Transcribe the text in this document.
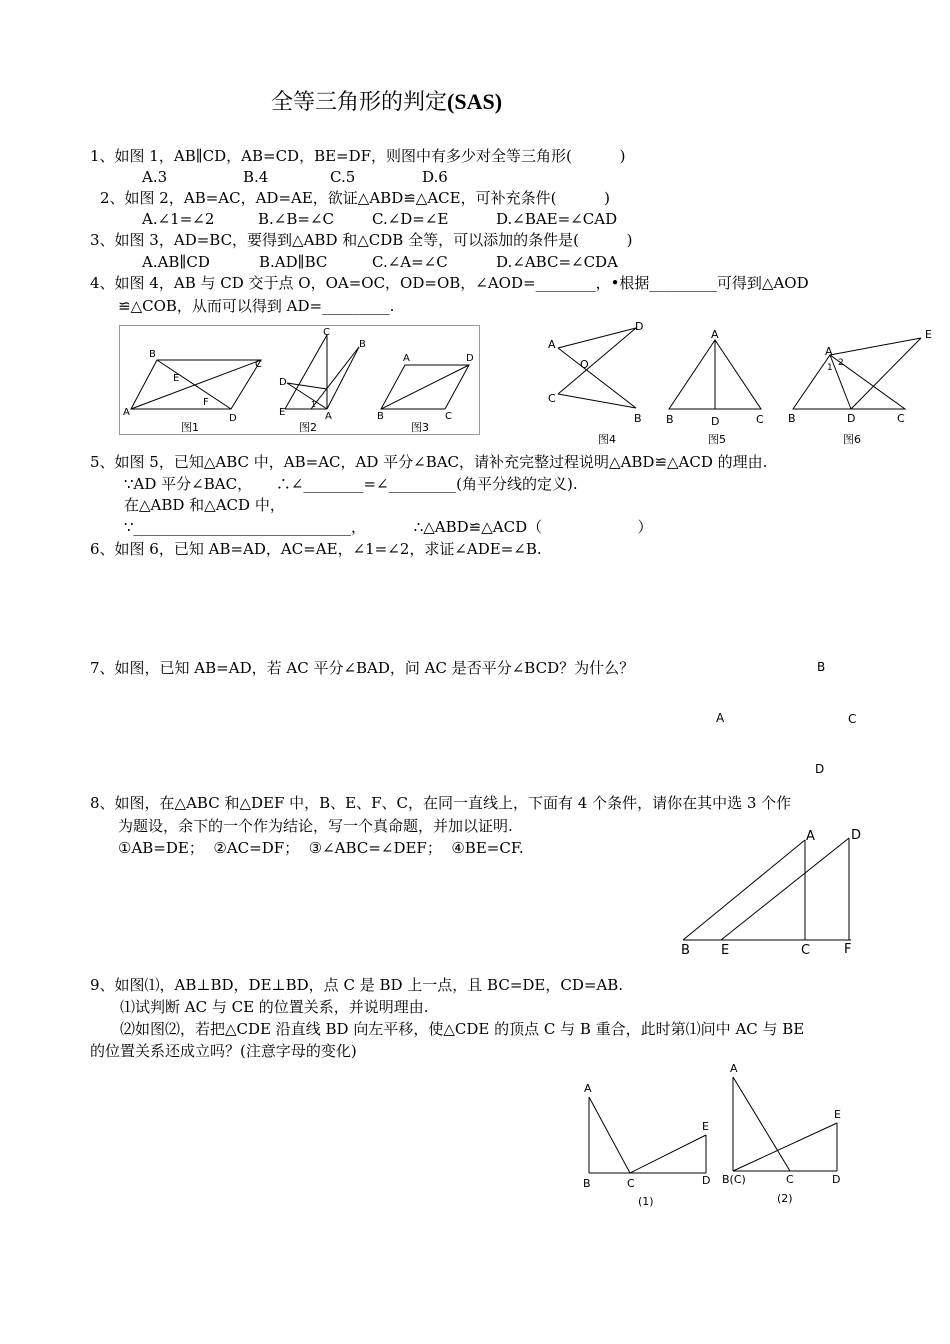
全等三角形的判定(SAS)
1、如图 1，AB∥CD，AB=CD，BE=DF，则图中有多少对全等三角形(          )
A.3	B.4	C.5	D.6
2、如图 2，AB=AC，AD=AE，欲证△ABD≌△ACE，可补充条件(          )
A.∠1=∠2	B.∠B=∠C	C.∠D=∠E	D.∠BAE=∠CAD
3、如图 3，AD=BC，要得到△ABD 和△CDB 全等，可以添加的条件是(          )
A.AB∥CD	B.AD∥BC	C.∠A=∠C	D.∠ABC=∠CDA
4、如图 4，AB 与 CD 交于点 O，OA=OC，OD=OB，∠AOD=________，•根据_________可得到△AOD
≌△COB，从而可以得到 AD=_________.
A
B
C
D
E
F
图1
C
B
D
E	A
1
图2
A	D
B	C
图3
A
D
O
C
B
图4
A
B	D	C
图5
A
E
2
1
B	D	C
图6
5、如图 5，已知△ABC 中，AB=AC，AD 平分∠BAC，请补充完整过程说明△ABD≌△ACD 的理由.
∵AD 平分∠BAC，     ∴∠________=∠_________(角平分线的定义).
在△ABD 和△ACD 中，
∵_____________________________，          ∴△ABD≌△ACD（                    ）
6、如图 6，已知 AB=AD，AC=AE，∠1=∠2，求证∠ADE=∠B.
7、如图，已知 AB=AD，若 AC 平分∠BAD，问 AC 是否平分∠BCD？为什么？	B
A	C
D
8、如图，在△ABC 和△DEF 中，B、E、F、C，在同一直线上，下面有 4 个条件，请你在其中选 3 个作
为题设，余下的一个作为结论，写一个真命题，并加以证明.
①AB=DE；  ②AC=DF；  ③∠ABC=∠DEF；  ④BE=CF.
A	D
B E	C	F
9、如图⑴，AB⊥BD，DE⊥BD，点 C 是 BD 上一点，且 BC=DE，CD=AB.
⑴试判断 AC 与 CE 的位置关系，并说明理由.
⑵如图⑵，若把△CDE 沿直线 BD 向左平移，使△CDE 的顶点 C 与 B 重合，此时第⑴问中 AC 与 BE
的位置关系还成立吗？(注意字母的变化)
A
E
B	C	D
(1)
A
E
B(C)	C	D
(2)
